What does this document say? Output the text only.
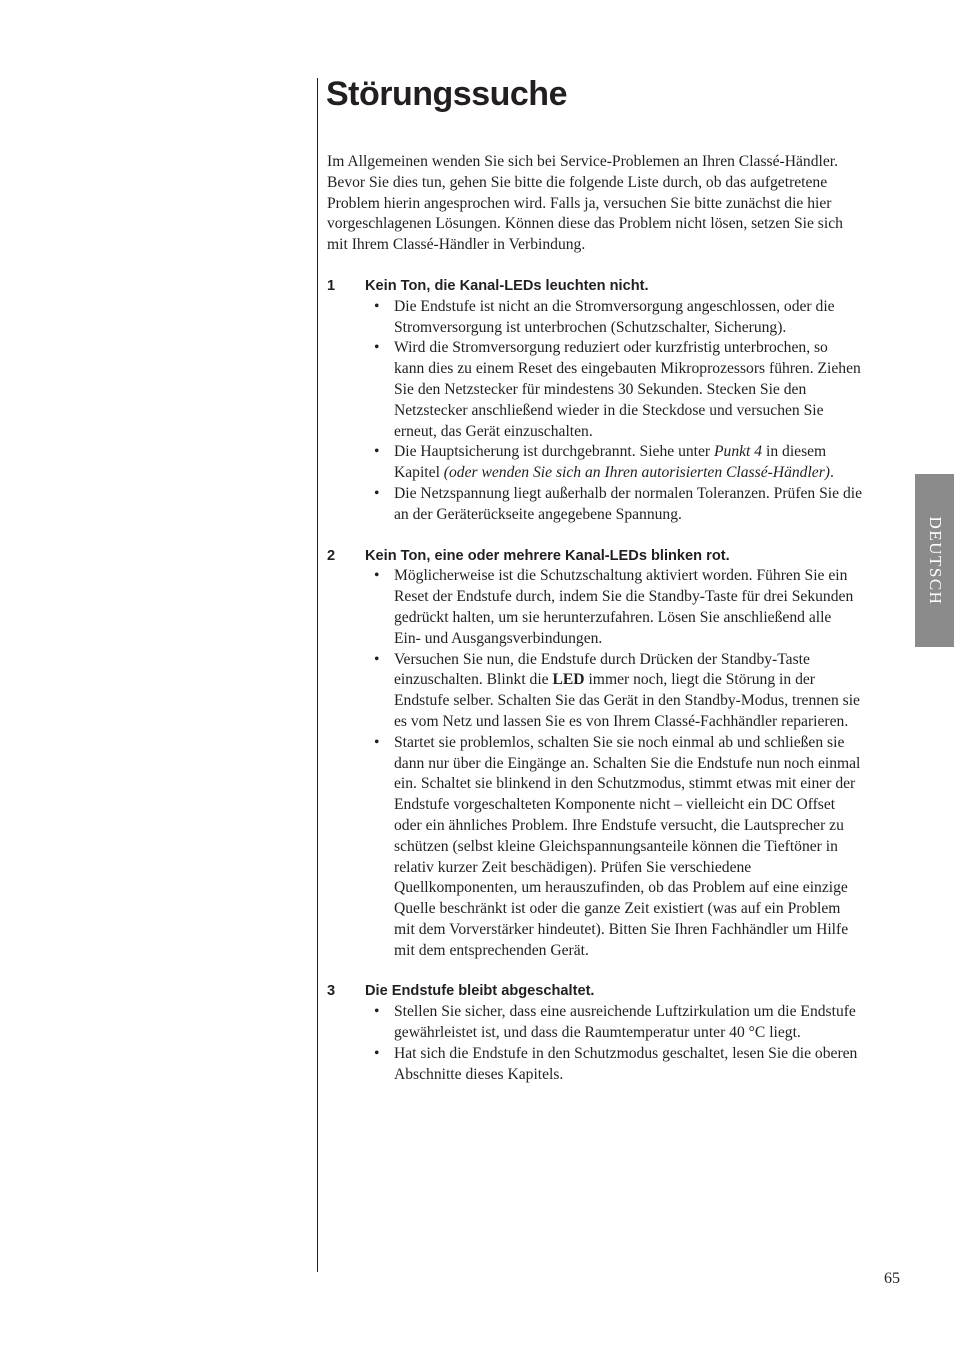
Störungssuche

Im Allgemeinen wenden Sie sich bei Service-Problemen an Ihren Classé-Händler. Bevor Sie dies tun, gehen Sie bitte die folgende Liste durch, ob das aufgetretene Problem hierin angesprochen wird. Falls ja, versuchen Sie bitte zunächst die hier vorgeschlagenen Lösungen. Können diese das Problem nicht lösen, setzen Sie sich mit Ihrem Classé-Händler in Verbindung.

1	Kein Ton, die Kanal-LEDs leuchten nicht.
• Die Endstufe ist nicht an die Stromversorgung angeschlossen, oder die Stromversorgung ist unterbrochen (Schutzschalter, Sicherung).
• Wird die Stromversorgung reduziert oder kurzfristig unterbrochen, so kann dies zu einem Reset des eingebauten Mikroprozessors führen. Ziehen Sie den Netzstecker für mindestens 30 Sekunden. Stecken Sie den Netzstecker anschließend wieder in die Steckdose und versuchen Sie erneut, das Gerät einzuschalten.
• Die Hauptsicherung ist durchgebrannt. Siehe unter Punkt 4 in diesem Kapitel (oder wenden Sie sich an Ihren autorisierten Classé-Händler).
• Die Netzspannung liegt außerhalb der normalen Toleranzen. Prüfen Sie die an der Geräterückseite angegebene Spannung.
2	Kein Ton, eine oder mehrere Kanal-LEDs blinken rot.
• Möglicherweise ist die Schutzschaltung aktiviert worden. Führen Sie ein Reset der Endstufe durch, indem Sie die Standby-Taste für drei Sekunden gedrückt halten, um sie herunterzufahren. Lösen Sie anschließend alle Ein- und Ausgangsverbindungen.
• Versuchen Sie nun, die Endstufe durch Drücken der Standby-Taste einzuschalten. Blinkt die LED immer noch, liegt die Störung in der Endstufe selber. Schalten Sie das Gerät in den Standby-Modus, trennen sie es vom Netz und lassen Sie es von Ihrem Classé-Fachhändler reparieren.
• Startet sie problemlos, schalten Sie sie noch einmal ab und schließen sie dann nur über die Eingänge an. Schalten Sie die Endstufe nun noch einmal ein. Schaltet sie blinkend in den Schutzmodus, stimmt etwas mit einer der Endstufe vorgeschalteten Komponente nicht – vielleicht ein DC Offset oder ein ähnliches Problem. Ihre Endstufe versucht, die Lautsprecher zu schützen (selbst kleine Gleichspannungsanteile können die Tieftöner in relativ kurzer Zeit beschädigen). Prüfen Sie verschiedene Quellkomponenten, um herauszufinden, ob das Problem auf eine einzige Quelle beschränkt ist oder die ganze Zeit existiert (was auf ein Problem mit dem Vorverstärker hindeutet). Bitten Sie Ihren Fachhändler um Hilfe mit dem entsprechenden Gerät.
3	Die Endstufe bleibt abgeschaltet.
• Stellen Sie sicher, dass eine ausreichende Luftzirkulation um die Endstufe gewährleistet ist, und dass die Raumtemperatur unter 40 °C liegt.
• Hat sich die Endstufe in den Schutzmodus geschaltet, lesen Sie die oberen Abschnitte dieses Kapitels.
DEUTSCH
65
